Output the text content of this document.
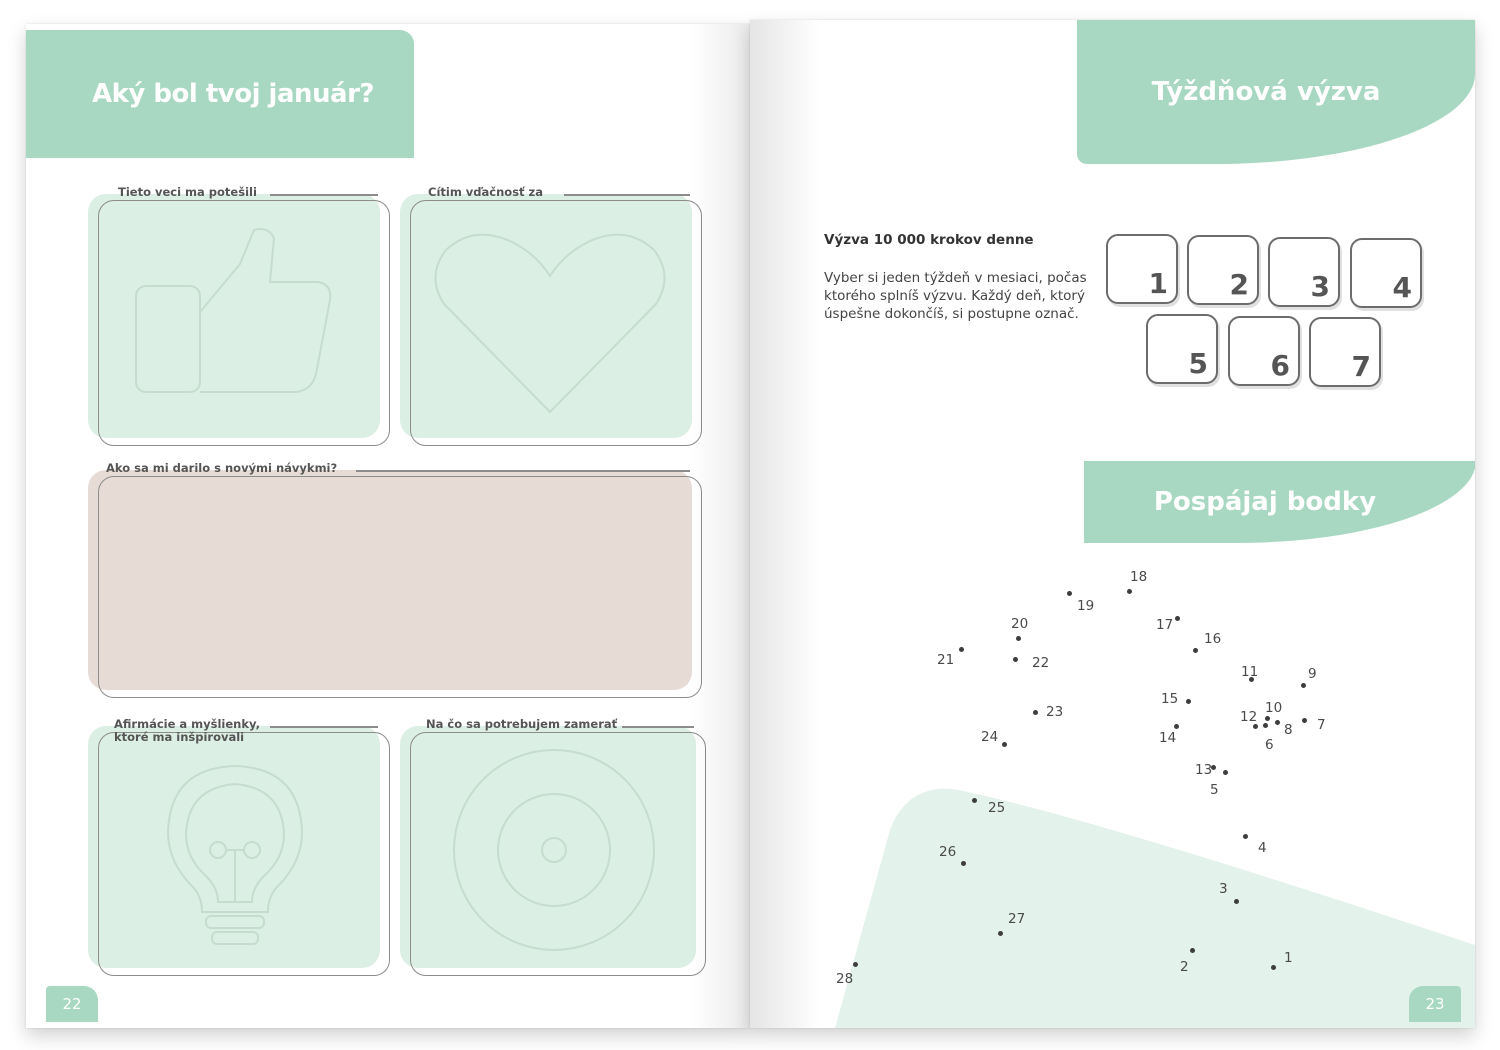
Aký bol tvoj január?
Tieto veci ma potešili	Cítim vďačnosť za
Ako sa mi darilo s novými návykmi?
Afirmácie a myšlienky,
ktoré ma inšpirovali
Na čo sa potrebujem zamerať
22
Týždňová výzva
Výzva 10 000 krokov denne
Vyber si jeden týždeň v mesiaci, počas ktorého splníš výzvu. Každý deň, ktorý úspešne dokončíš, si postupne označ.
1 2 3 4
5 6 7
Pospájaj bodky
1
2
3
4
5
6
7
8
9
10
11
12
13
14
15
16
17
18
19
20
21	22
23
24
25
26
27
28
23
